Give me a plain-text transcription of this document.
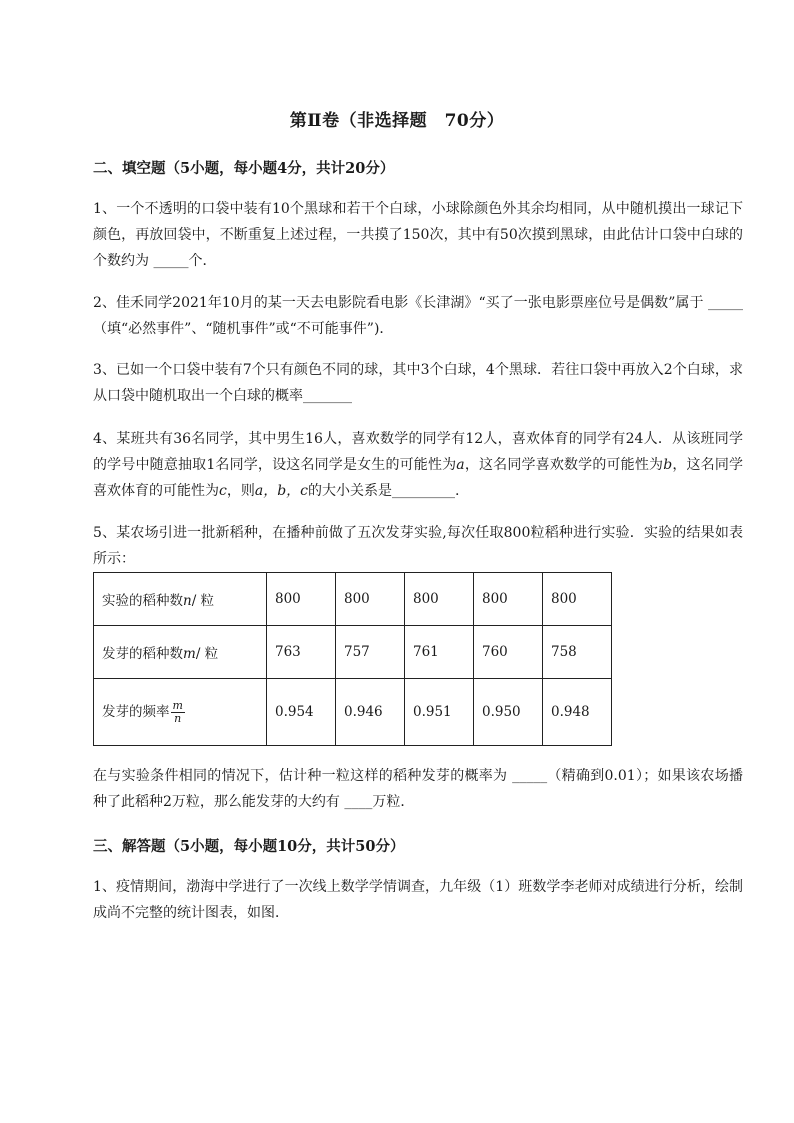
第Ⅱ卷（非选择题　70分）
二、填空题（5小题，每小题4分，共计20分）
1、一个不透明的口袋中装有10个黑球和若干个白球，小球除颜色外其余均相同，从中随机摸出一球记下颜色，再放回袋中，不断重复上述过程，一共摸了150次，其中有50次摸到黑球，由此估计口袋中白球的个数约为 _____个．
2、佳禾同学2021年10月的某一天去电影院看电影《长津湖》“买了一张电影票座位号是偶数”属于 _____（填“必然事件”、“随机事件”或“不可能事件”)．
3、已如一个口袋中装有7个只有颜色不同的球，其中3个白球，4个黑球．若往口袋中再放入2个白球，求从口袋中随机取出一个白球的概率_______
4、某班共有36名同学，其中男生16人，喜欢数学的同学有12人，喜欢体育的同学有24人．从该班同学的学号中随意抽取1名同学，设这名同学是女生的可能性为a，这名同学喜欢数学的可能性为b，这名同学喜欢体育的可能性为c，则a，b，c的大小关系是_________.
5、某农场引进一批新稻种，在播种前做了五次发芽实验,每次任取800粒稻种进行实验．实验的结果如表所示：
实验的稻种数n/ 粒	800	800	800	800	800
发芽的稻种数m/ 粒	763	757	761	760	758
发芽的频率 $\frac{m}{n}$	0.954	0.946	0.951	0.950	0.948
在与实验条件相同的情况下，估计种一粒这样的稻种发芽的概率为 _____（精确到0.01）；如果该农场播种了此稻种2万粒，那么能发芽的大约有 ____万粒．
三、解答题（5小题，每小题10分，共计50分）
1、疫情期间，渤海中学进行了一次线上数学学情调查，九年级（1）班数学李老师对成绩进行分析，绘制成尚不完整的统计图表，如图．
